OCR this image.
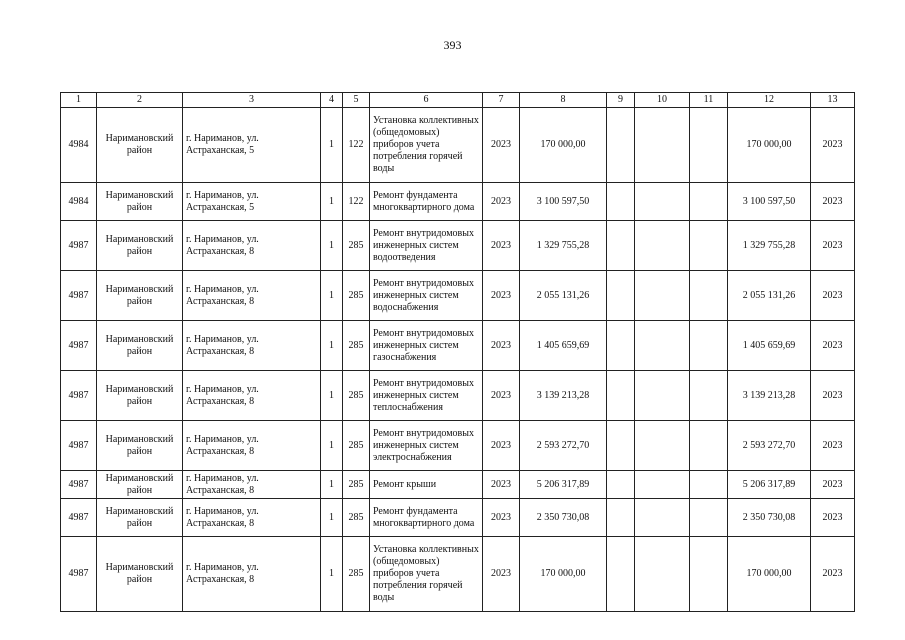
393
1	2	3	4	5	6	7	8	9	10	11	12	13
4984	Наримановский район	г. Нариманов, ул. Астраханская, 5	1	122	Установка коллективных (общедомовых) приборов учета потребления горячей воды	2023	170 000,00				170 000,00	2023
4984	Наримановский район	г. Нариманов, ул. Астраханская, 5	1	122	Ремонт фундамента многоквартирного дома	2023	3 100 597,50				3 100 597,50	2023
4987	Наримановский район	г. Нариманов, ул. Астраханская, 8	1	285	Ремонт внутридомовых инженерных систем водоотведения	2023	1 329 755,28				1 329 755,28	2023
4987	Наримановский район	г. Нариманов, ул. Астраханская, 8	1	285	Ремонт внутридомовых инженерных систем водоснабжения	2023	2 055 131,26				2 055 131,26	2023
4987	Наримановский район	г. Нариманов, ул. Астраханская, 8	1	285	Ремонт внутридомовых инженерных систем газоснабжения	2023	1 405 659,69				1 405 659,69	2023
4987	Наримановский район	г. Нариманов, ул. Астраханская, 8	1	285	Ремонт внутридомовых инженерных систем теплоснабжения	2023	3 139 213,28				3 139 213,28	2023
4987	Наримановский район	г. Нариманов, ул. Астраханская, 8	1	285	Ремонт внутридомовых инженерных систем электроснабжения	2023	2 593 272,70				2 593 272,70	2023
4987	Наримановский район	г. Нариманов, ул. Астраханская, 8	1	285	Ремонт крыши	2023	5 206 317,89				5 206 317,89	2023
4987	Наримановский район	г. Нариманов, ул. Астраханская, 8	1	285	Ремонт фундамента многоквартирного дома	2023	2 350 730,08				2 350 730,08	2023
4987	Наримановский район	г. Нариманов, ул. Астраханская, 8	1	285	Установка коллективных (общедомовых) приборов учета потребления горячей воды	2023	170 000,00				170 000,00	2023
